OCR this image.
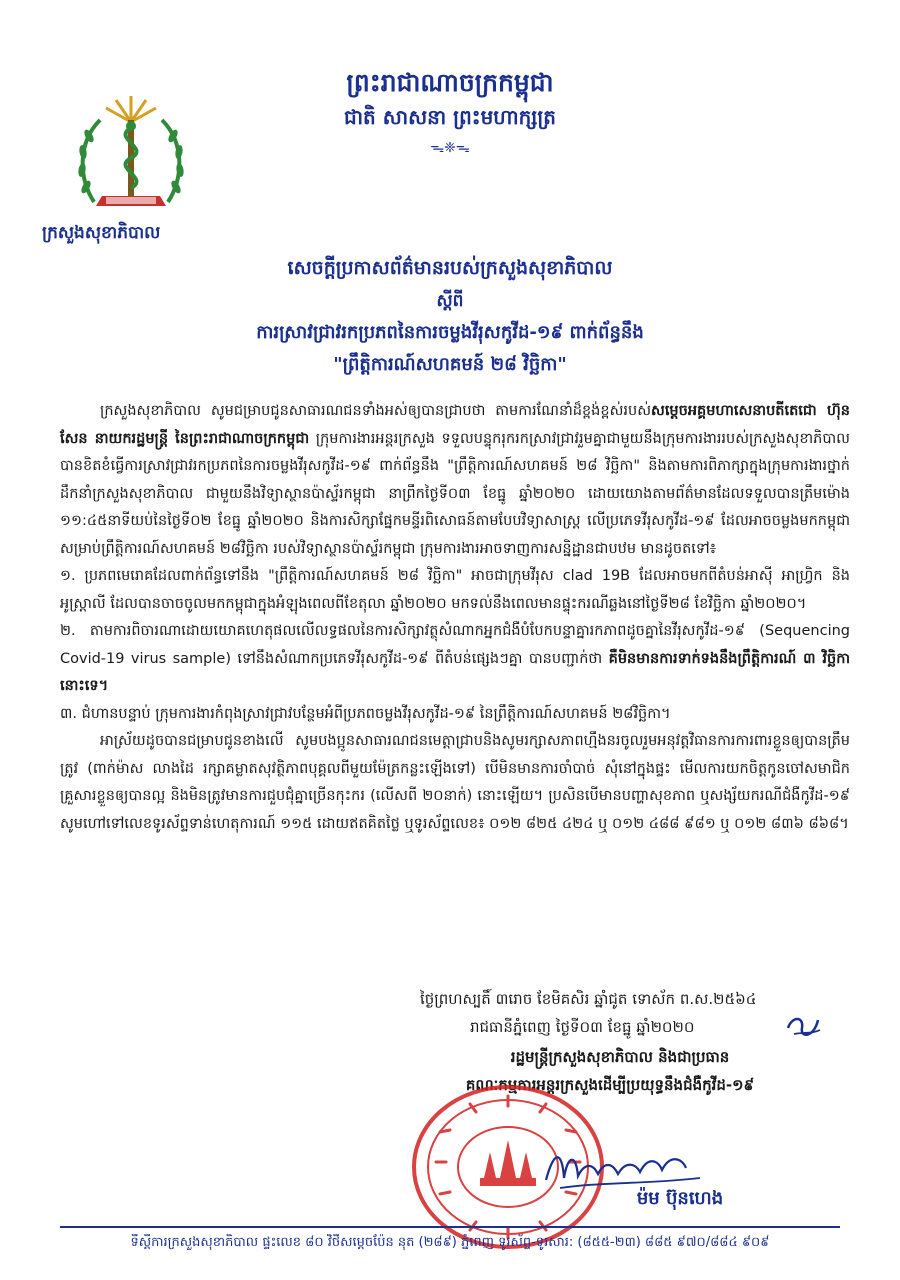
ព្រះរាជាណាចក្រកម្ពុជា
ជាតិ សាសនា ព្រះមហាក្សត្រ
ᯓ❈ᯓ
ក្រសួងសុខាភិបាល
សេចក្តីប្រកាសព័ត៌មានរបស់ក្រសួងសុខាភិបាល
ស្តីពី
ការស្រាវជ្រាវរកប្រភពនៃការចម្លងវីរុសកូវីដ-១៩ ពាក់ព័ន្ធនឹង
"ព្រឹត្តិការណ៍សហគមន៍ ២៨ វិច្ឆិកា"

ក្រសួងសុខាភិបាល សូមជម្រាបជូនសាធារណជនទាំងអស់ឲ្យបានជ្រាបថា តាមការណែនាំដ៏ខ្ពង់ខ្ពស់របស់សម្តេចអគ្គមហាសេនាបតីតេជោ ហ៊ុន សែន នាយករដ្ឋមន្ត្រី នៃព្រះរាជាណាចក្រកម្ពុជា ក្រុមការងារអន្តរក្រសួង ទទួលបន្ទុករុករកស្រាវជ្រាវរួមគ្នាជាមួយនឹងក្រុមការងាររបស់ក្រសួងសុខាភិបាល បានខិតខំធ្វើការស្រាវជ្រាវរកប្រភពនៃការចម្លងវីរុសកូវីដ-១៩ ពាក់ព័ន្ធនឹង "ព្រឹត្តិការណ៍សហគមន៍ ២៨ វិច្ឆិកា" និងតាមការពិភាក្សាក្នុងក្រុមការងារថ្នាក់ដឹកនាំក្រសួងសុខាភិបាល ជាមួយនឹងវិទ្យាស្ថានប៉ាស្ទ័រកម្ពុជា នាព្រឹកថ្ងៃទី០៣ ខែធ្នូ ឆ្នាំ២០២០ ដោយយោងតាមព័ត៌មានដែលទទួលបានត្រឹមម៉ោង ១១:៤៥នាទីយប់នៃថ្ងៃទី០២ ខែធ្នូ ឆ្នាំ២០២០ និងការសិក្សាផ្នែកមន្ទីរពិសោធន៍តាមបែបវិទ្យាសាស្ត្រ លើប្រភេទវីរុសកូវីដ-១៩ ដែលអាចចម្លងមកកម្ពុជា សម្រាប់ព្រឹត្តិការណ៍សហគមន៍ ២៨វិច្ឆិកា របស់វិទ្យាស្ថានប៉ាស្ទ័រកម្ពុជា ក្រុមការងារអាចទាញការសន្និដ្ឋានជាបឋម មានដូចតទៅ៖

១. ប្រភពមេរោគដែលពាក់ព័ន្ធទៅនឹង "ព្រឹត្តិការណ៍សហគមន៍ ២៨ វិច្ឆិកា" អាចជាក្រុមវីរុស clad 19B ដែលអាចមកពីតំបន់អាស៊ី អាហ្វ្រិក និងអូស្ត្រាលី ដែលបានចាចចូលមកកម្ពុជាក្នុងអំឡុងពេលពីខែតុលា ឆ្នាំ២០២០ មកទល់នឹងពេលមានផ្ទុះករណីឆ្លងនៅថ្ងៃទី២៨ ខែវិច្ឆិកា ឆ្នាំ២០២០។

២. តាមការពិចារណាដោយយោគហេតុផលលើលទ្ធផលនៃការសិក្សាវត្ថុសំណាកអ្នកជំងឺបំបែកបន្ទាគ្នារកភាពដូចគ្នានៃវីរុសកូវីដ-១៩ (Sequencing Covid-19 virus sample) ទៅនឹងសំណាកប្រភេទវីរុសកូវីដ-១៩ ពីតំបន់ផ្សេងៗគ្នា បានបញ្ជាក់ថា គឺមិនមានការទាក់ទងនឹងព្រឹត្តិការណ៍ ៣ វិច្ឆិកា នោះទេ។

៣. ជំហានបន្ទាប់ ក្រុមការងារកំពុងស្រាវជ្រាវបន្ថែមអំពីប្រភពចម្លងវីរុសកូវីដ-១៩ នៃព្រឹត្តិការណ៍សហគមន៍ ២៨វិច្ឆិកា។

អាស្រ័យដូចបានជម្រាបជូនខាងលើ សូមបងប្អូនសាធារណជនមេត្តាជ្រាបនិងសូមរក្សាសភាពហ្មឹងនរចូលរួមអនុវត្តវិធានការការពារខ្លួនឲ្យបានត្រឹមត្រូវ (ពាក់ម៉ាស លាងដៃ រក្សាគម្លាតសុវត្ថិភាពបុគ្គលពីមួយម៉ែត្រកន្លះឡើងទៅ) បើមិនមានការចាំបាច់ សុំនៅក្នុងផ្ទះ មើលការយកចិត្តកូនចៅសមាជិកគ្រួសារខ្លួនឲ្យបានល្អ និងមិនត្រូវមានការជួបជុំគ្នាច្រើនកុះករ (លើសពី ២០នាក់) នោះឡើយ។ ប្រសិនបើមានបញ្ហាសុខភាព ឬសង្ស័យករណីជំងឺកូវីដ-១៩ សូមហៅទៅលេខទូរស័ព្ទទាន់ហេតុការណ៍ ១១៥ ដោយឥតគិតថ្លៃ ឬទូរស័ព្ទលេខ៖ ០១២ ៨២៥ ៤២៤ ឬ ០១២ ៤៨៨ ៩៨១ ឬ ០១២ ៨៣៦ ៨៦៨។

ថ្ងៃព្រហស្បតិ៍ ៣រោច ខែមិគសិរ ឆ្នាំជូត ទោស័ក ព.ស.២៥៦៤
រាជធានីភ្នំពេញ ថ្ងៃទី០៣ ខែធ្នូ ឆ្នាំ២០២០
រដ្ឋមន្ត្រីក្រសួងសុខាភិបាល និងជាប្រធាន
គណៈកម្មការអន្តរក្រសួងដើម្បីប្រយុទ្ធនឹងជំងឺកូវីដ-១៩
ម៉ម ប៊ុនហេង
ទីស្តីការក្រសួងសុខាភិបាល ផ្ទះលេខ ៨០ វិថីសម្តេចប៉ែន នុត (២៨៩) ភ្នំពេញ ទូរស័ព្ទ-ទូរសារ: (៨៥៥-២៣) ៨៨៥ ៩៧០/៨៨៤ ៩០៩
